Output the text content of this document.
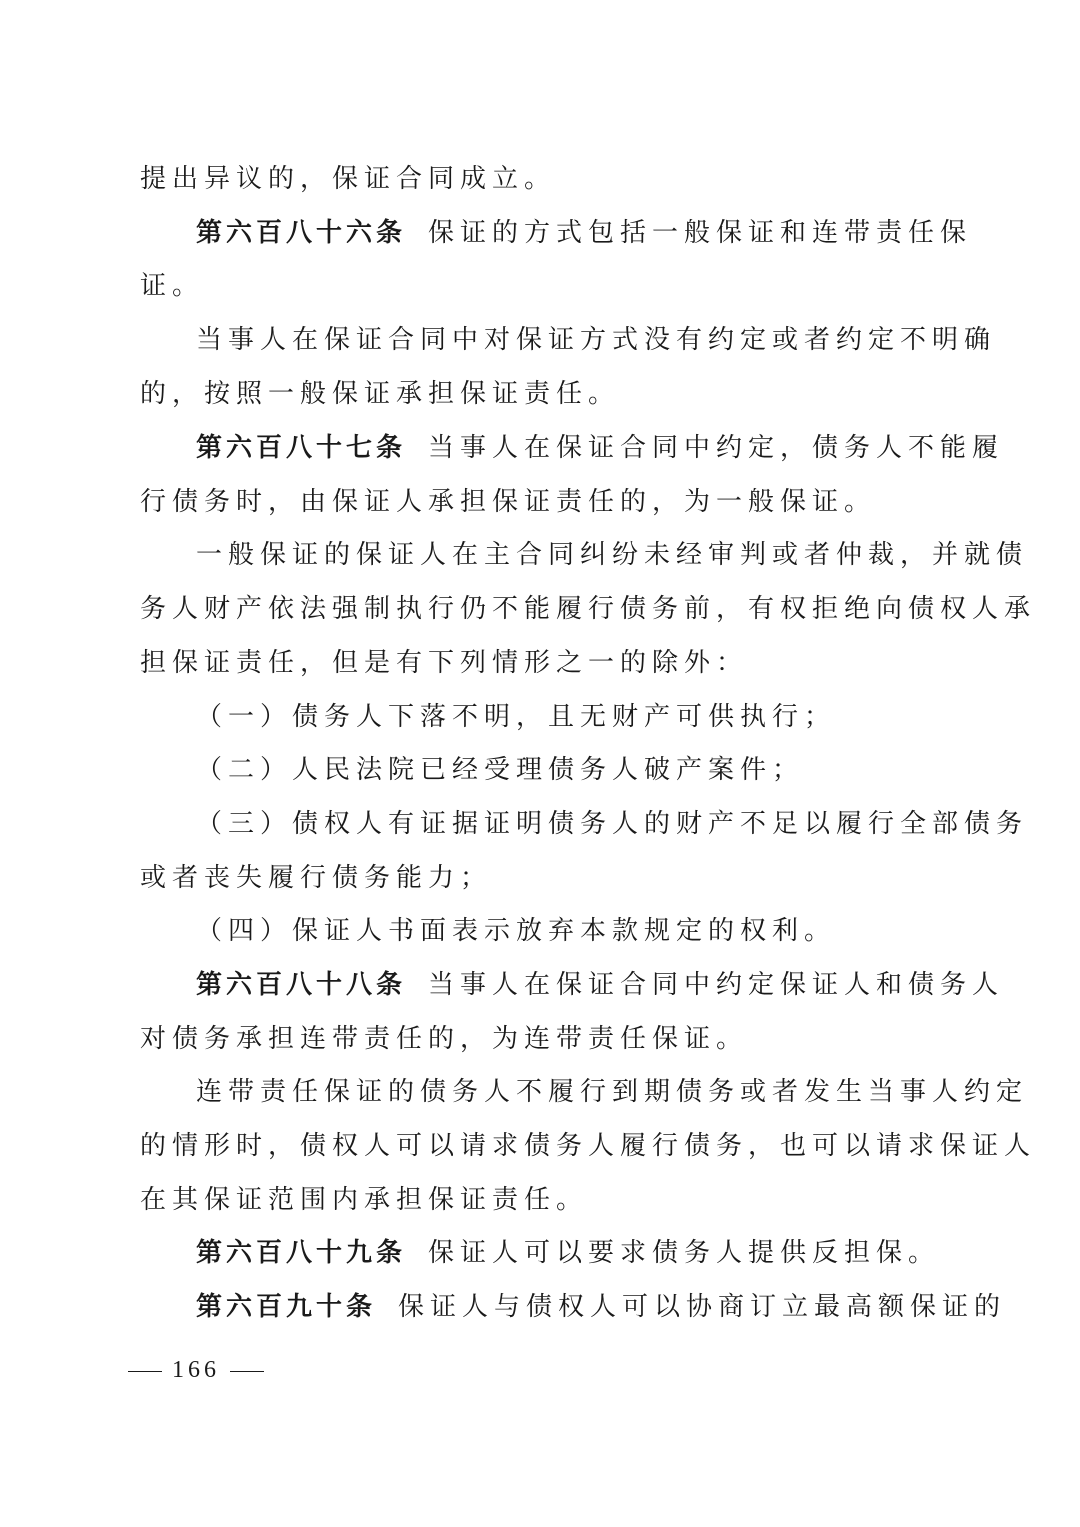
提出异议的，保证合同成立。
第六百八十六条 保证的方式包括一般保证和连带责任保
证。
当事人在保证合同中对保证方式没有约定或者约定不明确
的，按照一般保证承担保证责任。
第六百八十七条 当事人在保证合同中约定，债务人不能履
行债务时，由保证人承担保证责任的，为一般保证。
一般保证的保证人在主合同纠纷未经审判或者仲裁，并就债
务人财产依法强制执行仍不能履行债务前，有权拒绝向债权人承
担保证责任，但是有下列情形之一的除外：
（一）债务人下落不明，且无财产可供执行；
（二）人民法院已经受理债务人破产案件；
（三）债权人有证据证明债务人的财产不足以履行全部债务
或者丧失履行债务能力；
（四）保证人书面表示放弃本款规定的权利。
第六百八十八条 当事人在保证合同中约定保证人和债务人
对债务承担连带责任的，为连带责任保证。
连带责任保证的债务人不履行到期债务或者发生当事人约定
的情形时，债权人可以请求债务人履行债务，也可以请求保证人
在其保证范围内承担保证责任。
第六百八十九条 保证人可以要求债务人提供反担保。
第六百九十条 保证人与债权人可以协商订立最高额保证的
166
